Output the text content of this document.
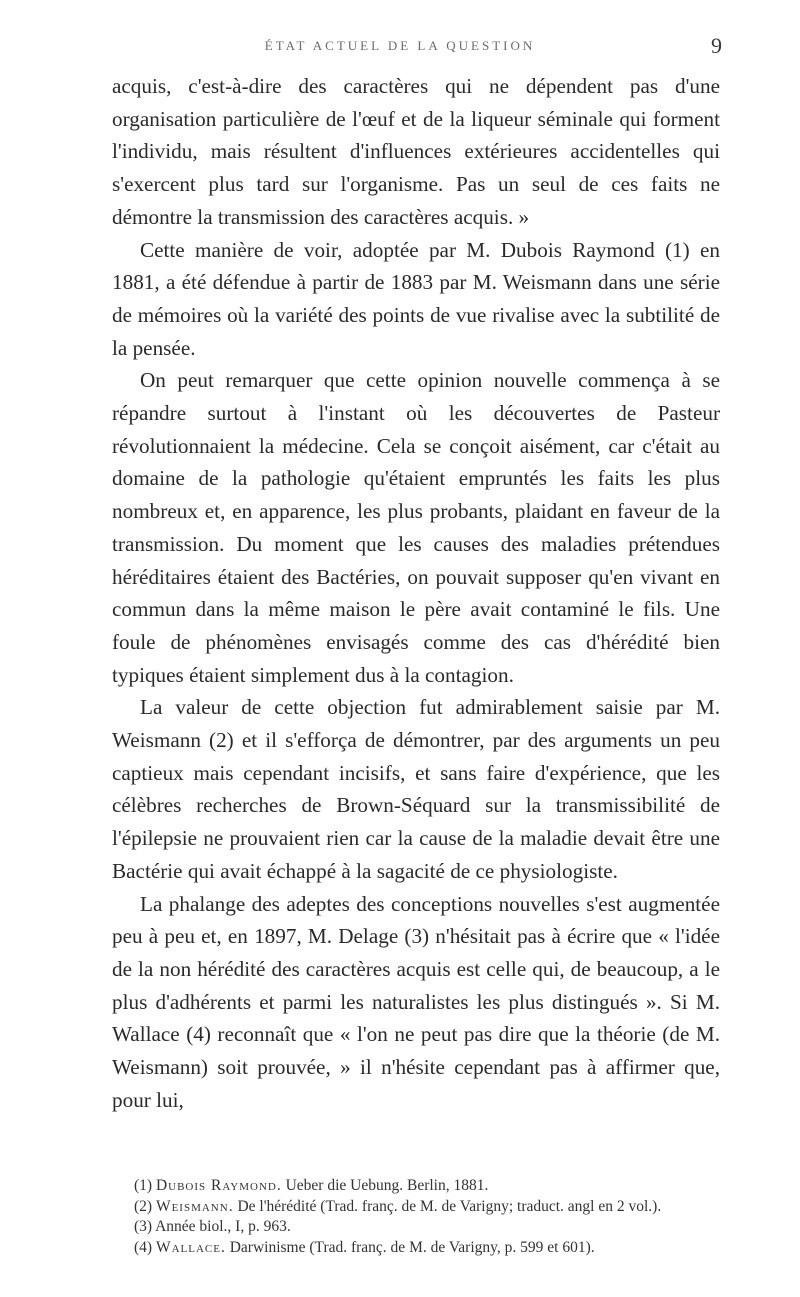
ÉTAT ACTUEL DE LA QUESTION	9

acquis, c'est-à-dire des caractères qui ne dépendent pas d'une organisation particulière de l'œuf et de la liqueur séminale qui forment l'individu, mais résultent d'influences extérieures accidentelles qui s'exercent plus tard sur l'organisme. Pas un seul de ces faits ne démontre la transmission des caractères acquis. »

Cette manière de voir, adoptée par M. Dubois Raymond (1) en 1881, a été défendue à partir de 1883 par M. Weismann dans une série de mémoires où la variété des points de vue rivalise avec la subtilité de la pensée.

On peut remarquer que cette opinion nouvelle commença à se répandre surtout à l'instant où les découvertes de Pasteur révolutionnaient la médecine. Cela se conçoit aisément, car c'était au domaine de la pathologie qu'étaient empruntés les faits les plus nombreux et, en apparence, les plus probants, plaidant en faveur de la transmission. Du moment que les causes des maladies prétendues héréditaires étaient des Bactéries, on pouvait supposer qu'en vivant en commun dans la même maison le père avait contaminé le fils. Une foule de phénomènes envisagés comme des cas d'hérédité bien typiques étaient simplement dus à la contagion.

La valeur de cette objection fut admirablement saisie par M. Weismann (2) et il s'efforça de démontrer, par des arguments un peu captieux mais cependant incisifs, et sans faire d'expérience, que les célèbres recherches de Brown-Séquard sur la transmissibilité de l'épilepsie ne prouvaient rien car la cause de la maladie devait être une Bactérie qui avait échappé à la sagacité de ce physiologiste.

La phalange des adeptes des conceptions nouvelles s'est augmentée peu à peu et, en 1897, M. Delage (3) n'hésitait pas à écrire que « l'idée de la non hérédité des caractères acquis est celle qui, de beaucoup, a le plus d'adhérents et parmi les naturalistes les plus distingués ». Si M. Wallace (4) reconnaît que « l'on ne peut pas dire que la théorie (de M. Weismann) soit prouvée, » il n'hésite cependant pas à affirmer que, pour lui,

(1) Dubois Raymond. Ueber die Uebung. Berlin, 1881.

(2) Weismann. De l'hérédité (Trad. franç. de M. de Varigny; traduct. angl en 2 vol.).

(3) Année biol., I, p. 963.

(4) Wallace. Darwinisme (Trad. franç. de M. de Varigny, p. 599 et 601).
